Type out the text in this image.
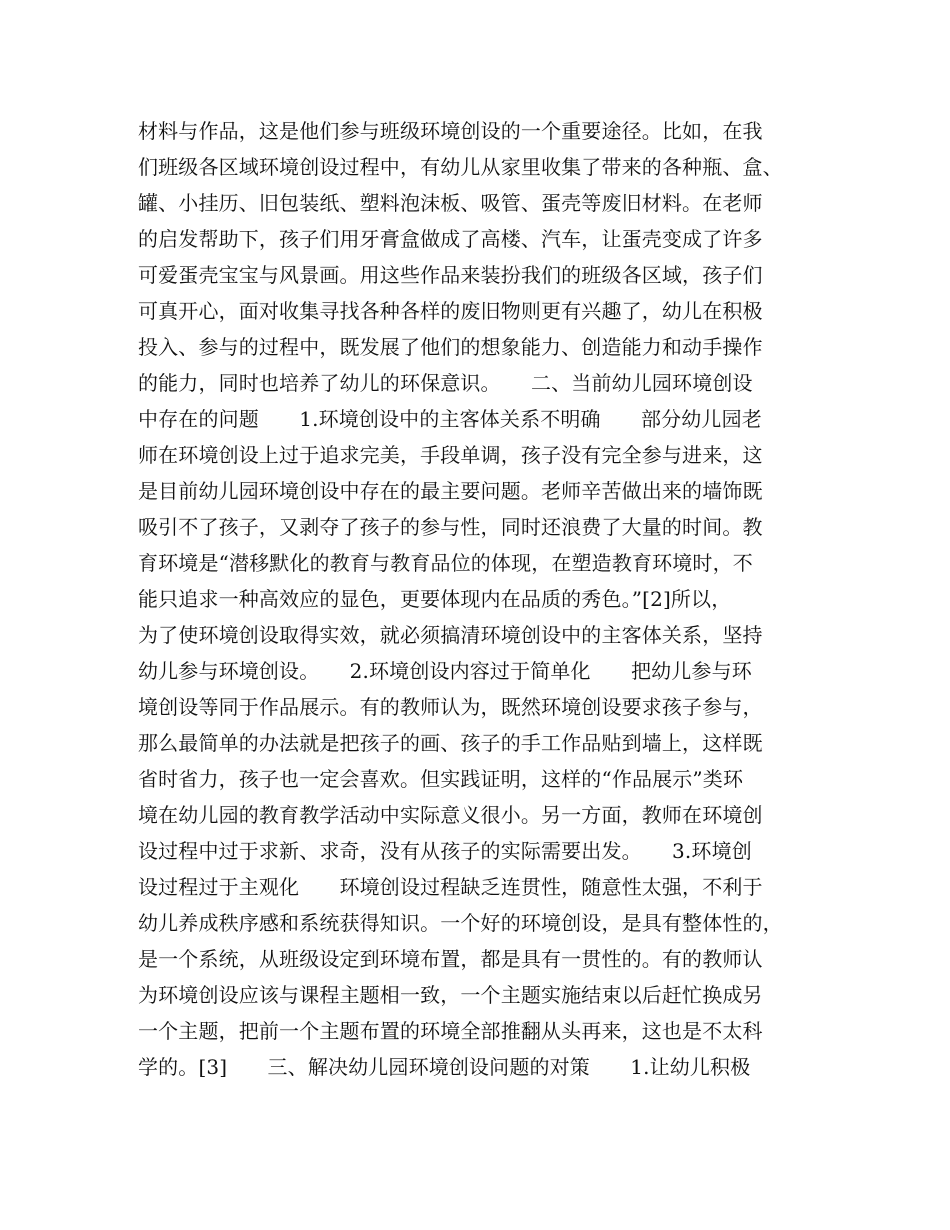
材料与作品，这是他们参与班级环境创设的一个重要途径。比如，在我
们班级各区域环境创设过程中，有幼儿从家里收集了带来的各种瓶、盒、
罐、小挂历、旧包装纸、塑料泡沫板、吸管、蛋壳等废旧材料。在老师
的启发帮助下，孩子们用牙膏盒做成了高楼、汽车，让蛋壳变成了许多
可爱蛋壳宝宝与风景画。用这些作品来装扮我们的班级各区域，孩子们
可真开心，面对收集寻找各种各样的废旧物则更有兴趣了，幼儿在积极
投入、参与的过程中，既发展了他们的想象能力、创造能力和动手操作
的能力，同时也培养了幼儿的环保意识。　　二、当前幼儿园环境创设
中存在的问题　　1.环境创设中的主客体关系不明确　　部分幼儿园老
师在环境创设上过于追求完美，手段单调，孩子没有完全参与进来，这
是目前幼儿园环境创设中存在的最主要问题。老师辛苦做出来的墙饰既
吸引不了孩子，又剥夺了孩子的参与性，同时还浪费了大量的时间。教
育环境是“潜移默化的教育与教育品位的体现，在塑造教育环境时，不
能只追求一种高效应的显色，更要体现内在品质的秀色。”[2]所以，
为了使环境创设取得实效，就必须搞清环境创设中的主客体关系，坚持
幼儿参与环境创设。　　2.环境创设内容过于简单化　　把幼儿参与环
境创设等同于作品展示。有的教师认为，既然环境创设要求孩子参与，
那么最简单的办法就是把孩子的画、孩子的手工作品贴到墙上，这样既
省时省力，孩子也一定会喜欢。但实践证明，这样的“作品展示”类环
境在幼儿园的教育教学活动中实际意义很小。另一方面，教师在环境创
设过程中过于求新、求奇，没有从孩子的实际需要出发。　　3.环境创
设过程过于主观化　　环境创设过程缺乏连贯性，随意性太强，不利于
幼儿养成秩序感和系统获得知识。一个好的环境创设，是具有整体性的，
是一个系统，从班级设定到环境布置，都是具有一贯性的。有的教师认
为环境创设应该与课程主题相一致，一个主题实施结束以后赶忙换成另
一个主题，把前一个主题布置的环境全部推翻从头再来，这也是不太科
学的。[3]　　三、解决幼儿园环境创设问题的对策　　1.让幼儿积极
